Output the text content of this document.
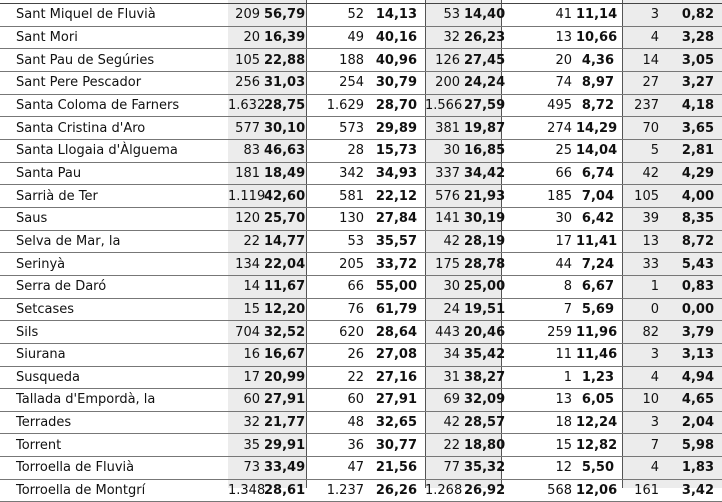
Sant Miquel de Fluvià	209	56,79	52	14,13	53	14,40	41	11,14	3	0,82
Sant Mori	20	16,39	49	40,16	32	26,23	13	10,66	4	3,28
Sant Pau de Segúries	105	22,88	188	40,96	126	27,45	20	4,36	14	3,05
Sant Pere Pescador	256	31,03	254	30,79	200	24,24	74	8,97	27	3,27
Santa Coloma de Farners	1.632	28,75	1.629	28,70	1.566	27,59	495	8,72	237	4,18
Santa Cristina d'Aro	577	30,10	573	29,89	381	19,87	274	14,29	70	3,65
Santa Llogaia d'Àlguema	83	46,63	28	15,73	30	16,85	25	14,04	5	2,81
Santa Pau	181	18,49	342	34,93	337	34,42	66	6,74	42	4,29
Sarrià de Ter	1.119	42,60	581	22,12	576	21,93	185	7,04	105	4,00
Saus	120	25,70	130	27,84	141	30,19	30	6,42	39	8,35
Selva de Mar, la	22	14,77	53	35,57	42	28,19	17	11,41	13	8,72
Serinyà	134	22,04	205	33,72	175	28,78	44	7,24	33	5,43
Serra de Daró	14	11,67	66	55,00	30	25,00	8	6,67	1	0,83
Setcases	15	12,20	76	61,79	24	19,51	7	5,69	0	0,00
Sils	704	32,52	620	28,64	443	20,46	259	11,96	82	3,79
Siurana	16	16,67	26	27,08	34	35,42	11	11,46	3	3,13
Susqueda	17	20,99	22	27,16	31	38,27	1	1,23	4	4,94
Tallada d'Empordà, la	60	27,91	60	27,91	69	32,09	13	6,05	10	4,65
Terrades	32	21,77	48	32,65	42	28,57	18	12,24	3	2,04
Torrent	35	29,91	36	30,77	22	18,80	15	12,82	7	5,98
Torroella de Fluvià	73	33,49	47	21,56	77	35,32	12	5,50	4	1,83
Torroella de Montgrí	1.348	28,61	1.237	26,26	1.268	26,92	568	12,06	161	3,42
